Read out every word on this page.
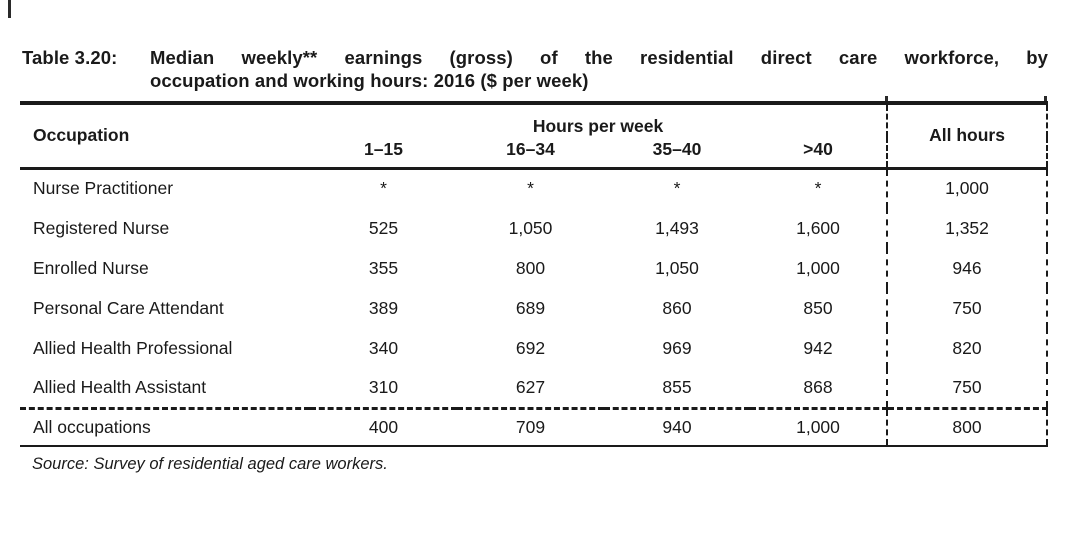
Table 3.20:	Median weekly** earnings (gross) of the residential direct care workforce, by
occupation and working hours: 2016 ($ per week)
Occupation	Hours per week				All hours
	1–15	16–34	35–40	>40	
Nurse Practitioner	*	*	*	*	1,000
Registered Nurse	525	1,050	1,493	1,600	1,352
Enrolled Nurse	355	800	1,050	1,000	946
Personal Care Attendant	389	689	860	850	750
Allied Health Professional	340	692	969	942	820
Allied Health Assistant	310	627	855	868	750
All occupations	400	709	940	1,000	800
Source: Survey of residential aged care workers.
